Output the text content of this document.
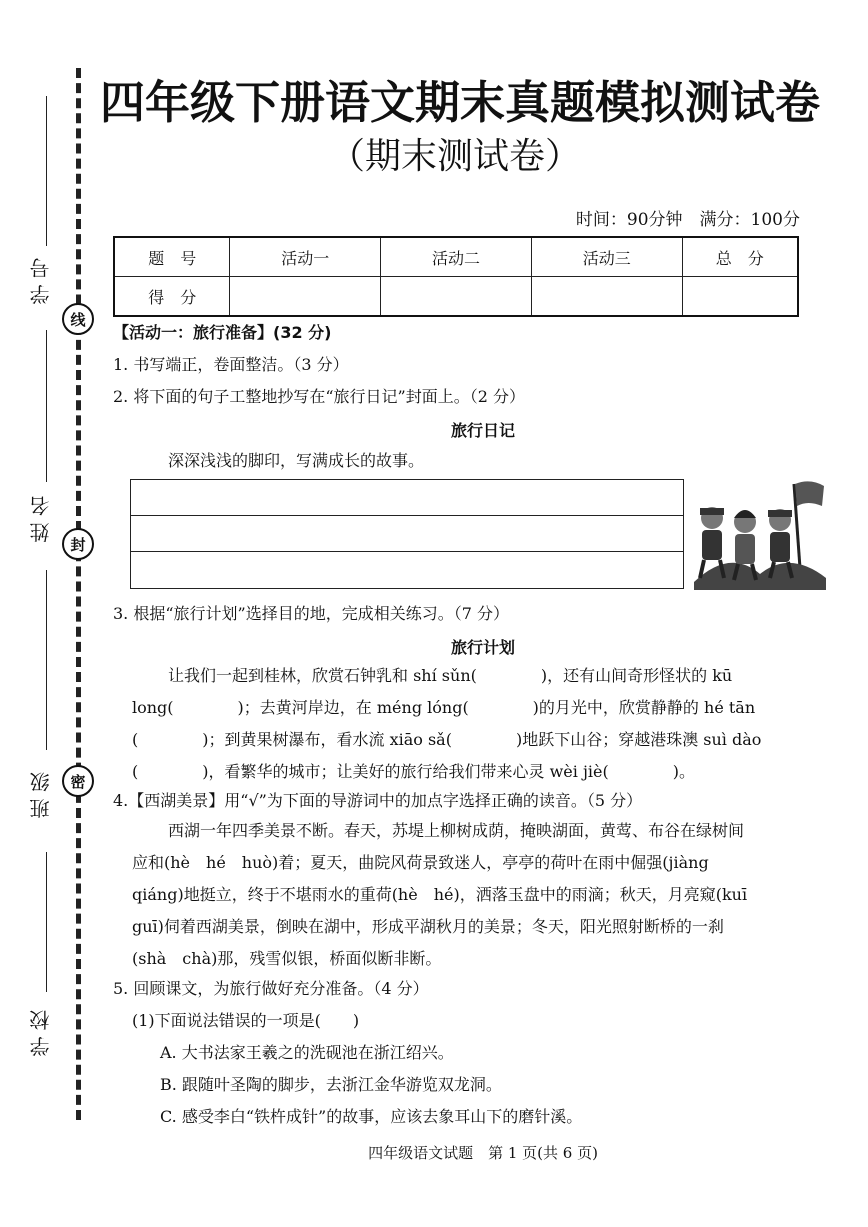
学 号
姓 名
班 级
学 校
线
封
密
四年级下册语文期末真题模拟测试卷
（期末测试卷）
时间：90分钟　满分：100分
题　号	活动一	活动二	活动三	总　分
得　分				
【活动一：旅行准备】(32 分)
1. 书写端正，卷面整洁。（3 分）
2. 将下面的句子工整地抄写在“旅行日记”封面上。（2 分）
旅行日记
深深浅浅的脚印，写满成长的故事。
3. 根据“旅行计划”选择目的地，完成相关练习。（7 分）
旅行计划
让我们一起到桂林，欣赏石钟乳和 shí sǔn(　　　　)，还有山间奇形怪状的 kū
long(　　　　)；去黄河岸边，在 méng lóng(　　　　)的月光中，欣赏静静的 hé tān
(　　　　)；到黄果树瀑布，看水流 xiāo sǎ(　　　　)地跃下山谷；穿越港珠澳 suì dào
(　　　　)，看繁华的城市；让美好的旅行给我们带来心灵 wèi jiè(　　　　)。
4.【西湖美景】用“√”为下面的导游词中的加点字选择正确的读音。（5 分）
西湖一年四季美景不断。春天，苏堤上柳树成荫，掩映湖面，黄莺、布谷在绿树间
应和(hè　hé　huò)着；夏天，曲院风荷景致迷人，亭亭的荷叶在雨中倔强(jiàng
qiáng)地挺立，终于不堪雨水的重荷(hè　hé)，洒落玉盘中的雨滴；秋天，月亮窥(kuī
guī)伺着西湖美景，倒映在湖中，形成平湖秋月的美景；冬天，阳光照射断桥的一刹
(shà　chà)那，残雪似银，桥面似断非断。
5. 回顾课文，为旅行做好充分准备。（4 分）
(1)下面说法错误的一项是(　　)
A. 大书法家王羲之的洗砚池在浙江绍兴。
B. 跟随叶圣陶的脚步，去浙江金华游览双龙洞。
C. 感受李白“铁杵成针”的故事，应该去象耳山下的磨针溪。
四年级语文试题　第 1 页(共 6 页)
